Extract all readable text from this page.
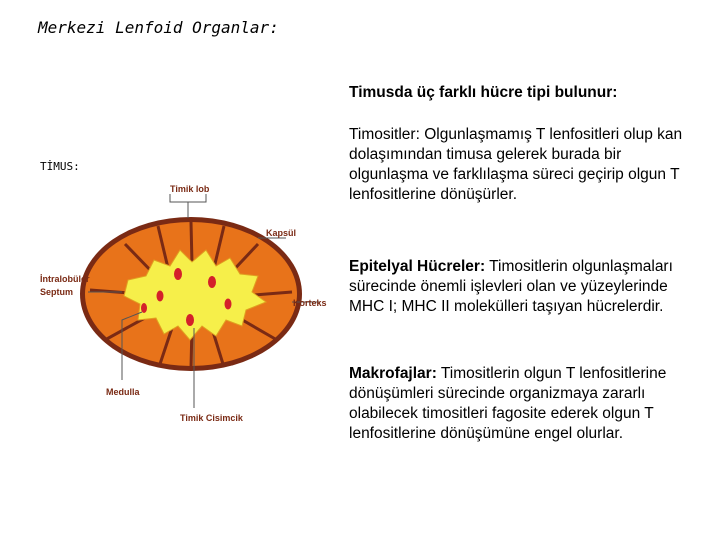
Merkezi Lenfoid Organlar:
TİMUS:
Timik lob
Kapsül
İntralobüler
Septum
Korteks
Medulla
Timik Cisimcik
Timusda üç farklı hücre tipi bulunur:
Timositler: Olgunlaşmamış T lenfositleri olup kan dolaşımından timusa gelerek burada bir olgunlaşma ve farklılaşma süreci geçirip olgun T lenfositlerine dönüşürler.
Epitelyal Hücreler: Timositlerin olgunlaşmaları sürecinde önemli işlevleri olan ve yüzeylerinde MHC I; MHC II molekülleri taşıyan hücrelerdir.
Makrofajlar: Timositlerin olgun T lenfositlerine dönüşümleri sürecinde organizmaya zararlı olabilecek timositleri fagosite ederek olgun T lenfositlerine dönüşümüne engel olurlar.
